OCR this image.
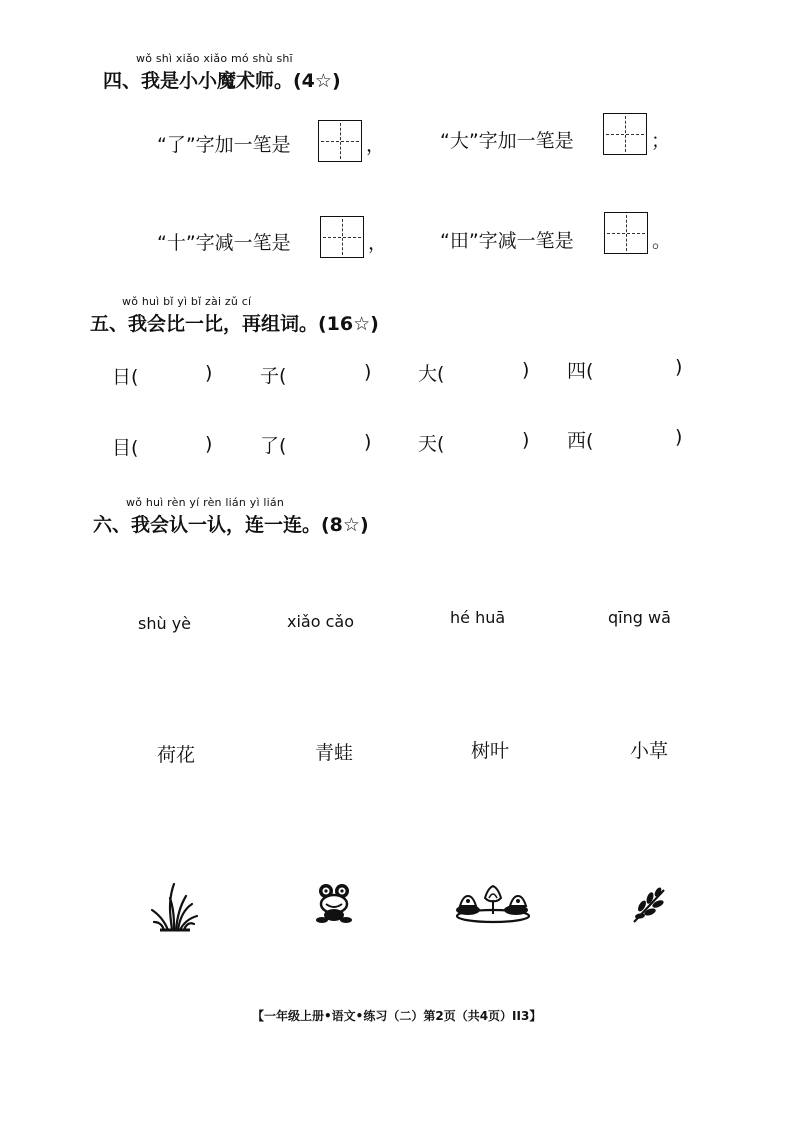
wǒ shì xiǎo xiǎo mó shù shī
四、我是小小魔术师。(4☆)
“了”字加一笔是	，	“大”字加一笔是	；
“十”字减一笔是	，	“田”字减一笔是	。
wǒ huì bǐ yì bǐ zài zǔ cí
五、我会比一比，再组词。(16☆)
日(	)	子(	) 大(	) 四(	)
目(	)	了(	) 天(	) 西(	)
wǒ huì rèn yí rèn lián yì lián
六、我会认一认，连一连。(8☆)
shù yè	xiǎo cǎo	hé huā	qīng wā
荷花	青蛙	树叶	小草
【一年级上册•语文•练习（二）第2页（共4页）II3】
